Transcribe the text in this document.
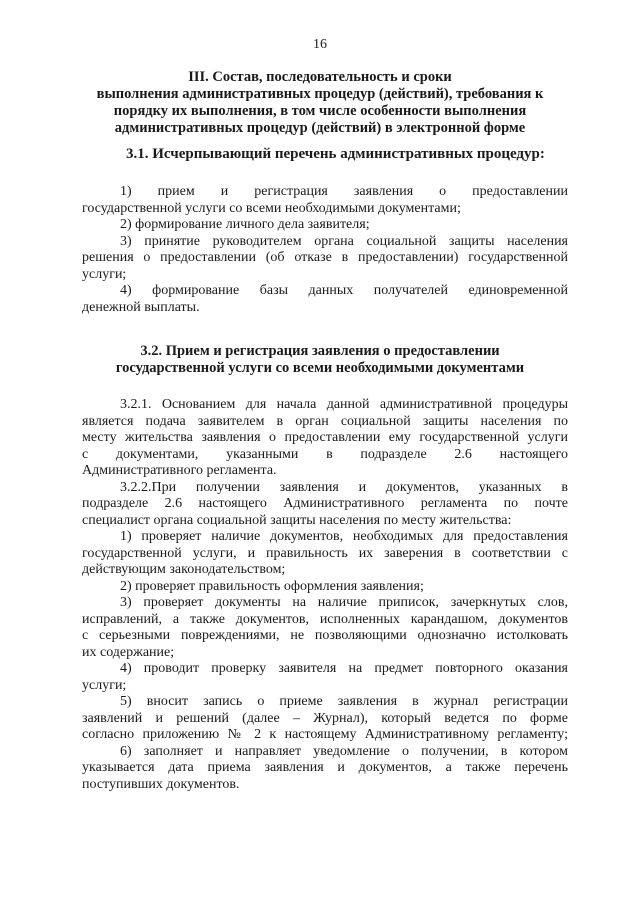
16
III. Состав, последовательность и сроки
выполнения административных процедур (действий), требования к
порядку их выполнения, в том числе особенности выполнения
административных процедур (действий) в электронной форме
3.1. Исчерпывающий перечень административных процедур:
1) прием и регистрация заявления о предоставлении
государственной услуги со всеми необходимыми документами;
2) формирование личного дела заявителя;
3) принятие руководителем органа социальной защиты населения
решения о предоставлении (об отказе в предоставлении) государственной
услуги;
4) формирование базы данных получателей единовременной
денежной выплаты.
3.2. Прием и регистрация заявления о предоставлении
государственной услуги со всеми необходимыми документами
3.2.1. Основанием для начала данной административной процедуры
является подача заявителем в орган социальной защиты населения по
месту жительства заявления о предоставлении ему государственной услуги
с документами, указанными в подразделе 2.6 настоящего
Административного регламента.
3.2.2.При получении заявления и документов, указанных в
подразделе 2.6 настоящего Административного регламента по почте
специалист органа социальной защиты населения по месту жительства:
1) проверяет наличие документов, необходимых для предоставления
государственной услуги, и правильность их заверения в соответствии с
действующим законодательством;
2) проверяет правильность оформления заявления;
3) проверяет документы на наличие приписок, зачеркнутых слов,
исправлений, а также документов, исполненных карандашом, документов
с серьезными повреждениями, не позволяющими однозначно истолковать
их содержание;
4) проводит проверку заявителя на предмет повторного оказания
услуги;
5) вносит запись о приеме заявления в журнал регистрации
заявлений и решений (далее – Журнал), который ведется по форме
согласно приложению № 2 к настоящему Административному регламенту;
6) заполняет и направляет уведомление о получении, в котором
указывается дата приема заявления и документов, а также перечень
поступивших документов.
